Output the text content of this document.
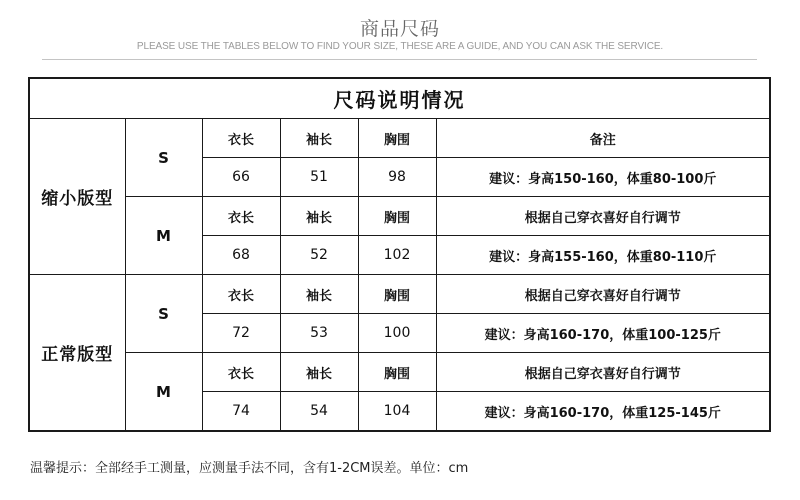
商品尺码
PLEASE USE THE TABLES BELOW TO FIND YOUR SIZE, THESE ARE A GUIDE, AND YOU CAN ASK THE SERVICE.
尺码说明情况					
缩小版型	S	衣长	袖长	胸围	备注
		66	51	98	建议：身高150-160，体重80-100斤
	M	衣长	袖长	胸围	根据自己穿衣喜好自行调节
		68	52	102	建议：身高155-160，体重80-110斤
正常版型	S	衣长	袖长	胸围	根据自己穿衣喜好自行调节
		72	53	100	建议：身高160-170，体重100-125斤
	M	衣长	袖长	胸围	根据自己穿衣喜好自行调节
		74	54	104	建议：身高160-170，体重125-145斤
温馨提示：全部经手工测量，应测量手法不同，含有1-2CM误差。单位：cm
